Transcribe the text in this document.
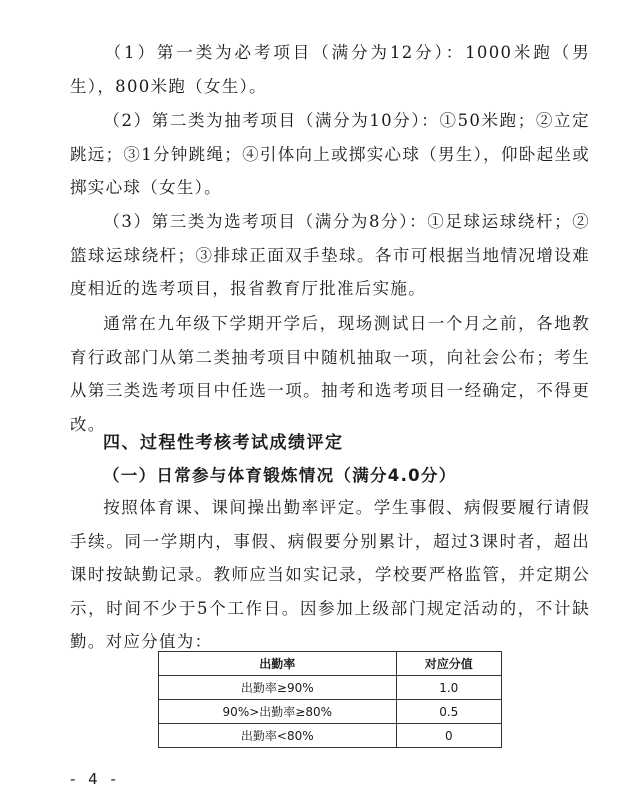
（1）第一类为必考项目（满分为12分）：1000米跑（男生），800米跑（女生）。

（2）第二类为抽考项目（满分为10分）：①50米跑；②立定跳远；③1分钟跳绳；④引体向上或掷实心球（男生），仰卧起坐或掷实心球（女生）。

（3）第三类为选考项目（满分为8分）：①足球运球绕杆；②篮球运球绕杆；③排球正面双手垫球。各市可根据当地情况增设难度相近的选考项目，报省教育厅批准后实施。

通常在九年级下学期开学后，现场测试日一个月之前，各地教育行政部门从第二类抽考项目中随机抽取一项，向社会公布；考生从第三类选考项目中任选一项。抽考和选考项目一经确定，不得更改。

四、过程性考核考试成绩评定
（一）日常参与体育锻炼情况（满分4.0分）

按照体育课、课间操出勤率评定。学生事假、病假要履行请假手续。同一学期内，事假、病假要分别累计，超过3课时者，超出课时按缺勤记录。教师应当如实记录，学校要严格监管，并定期公示，时间不少于5个工作日。因参加上级部门规定活动的，不计缺勤。对应分值为：

出勤率	对应分值
出勤率≥90%	1.0
90%>出勤率≥80%	0.5
出勤率<80%	0
- 4 -
